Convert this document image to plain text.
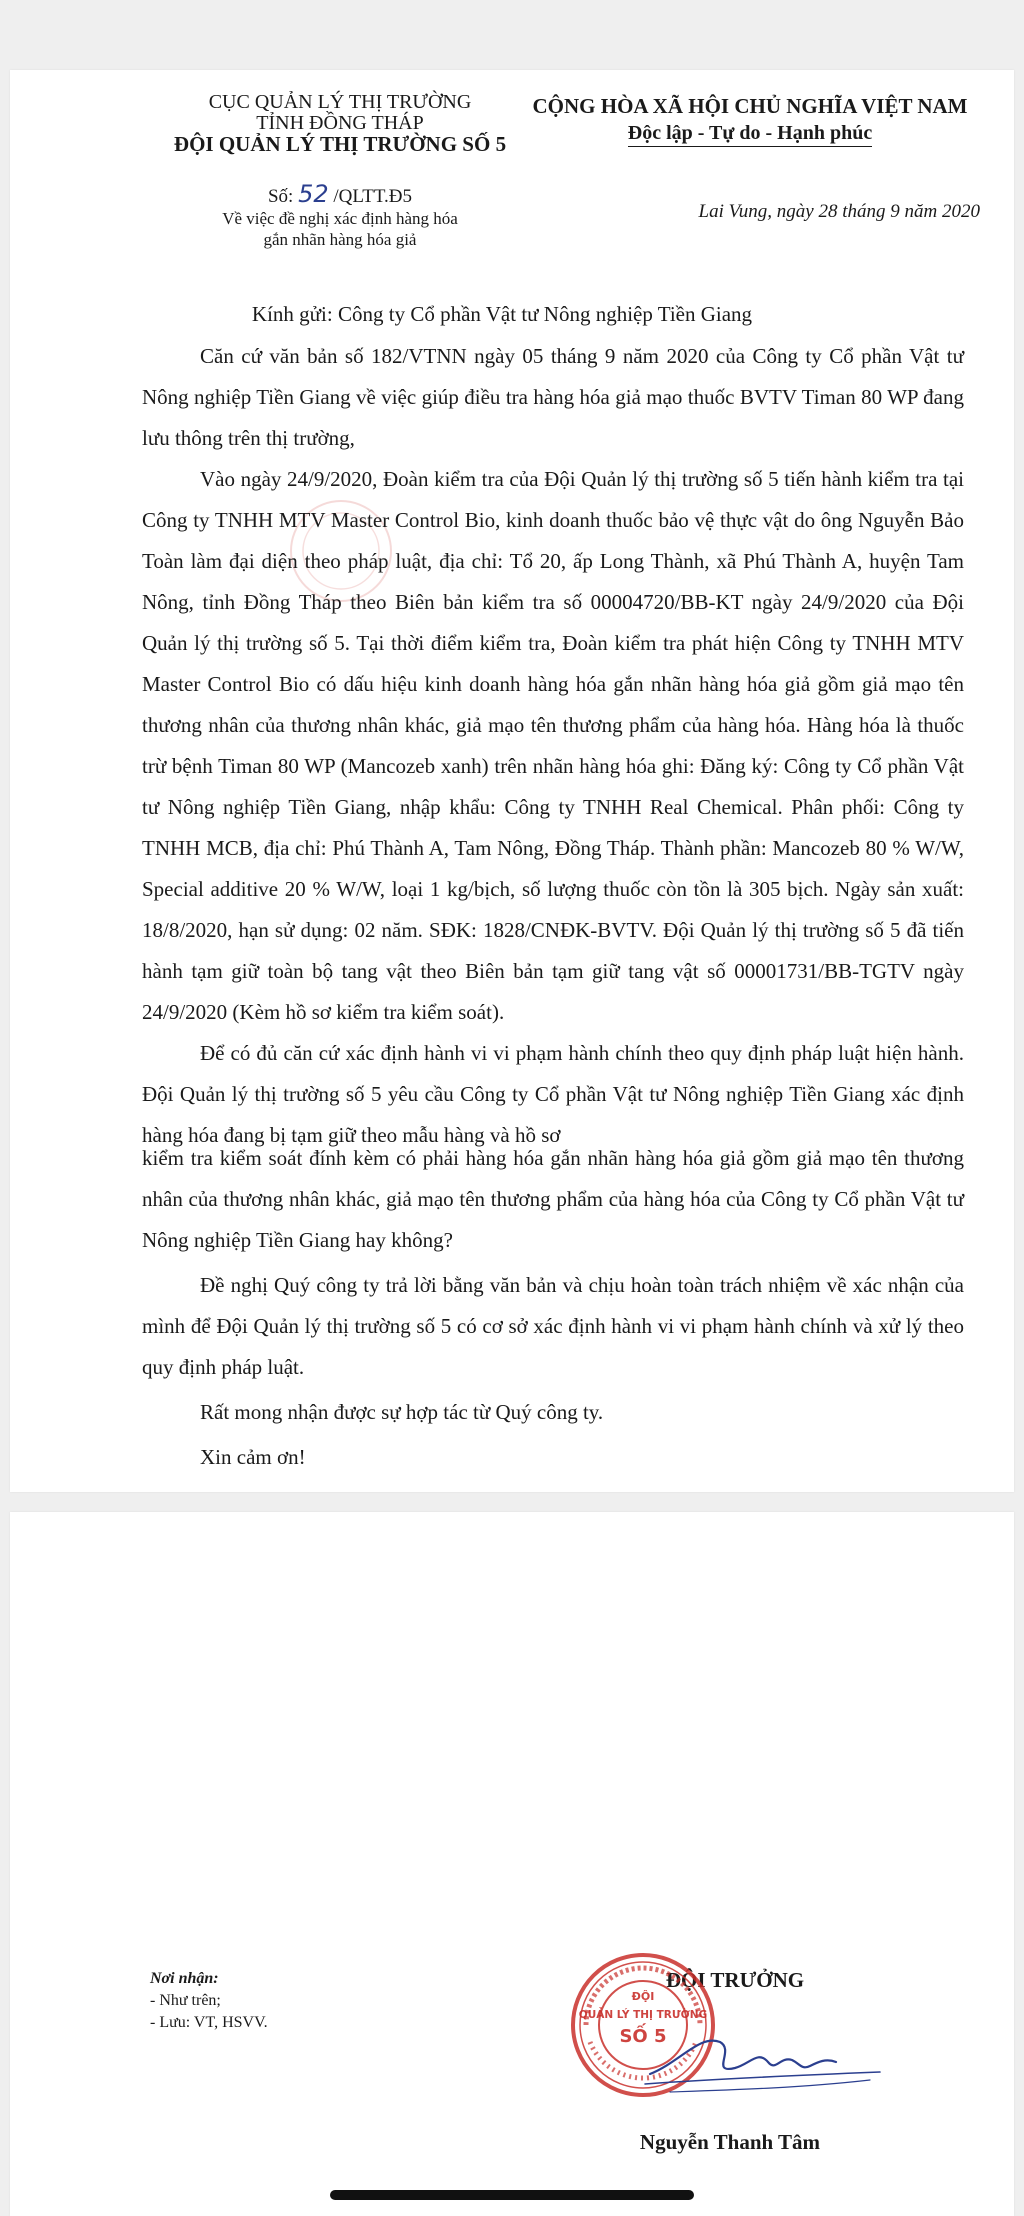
CỤC QUẢN LÝ THỊ TRƯỜNG
TỈNH ĐỒNG THÁP
ĐỘI QUẢN LÝ THỊ TRƯỜNG SỐ 5
CỘNG HÒA XÃ HỘI CHỦ NGHĨA VIỆT NAM
Độc lập - Tự do - Hạnh phúc
Số: 52 /QLTT.Đ5
Về việc đề nghị xác định hàng hóa
gắn nhãn hàng hóa giả
Lai Vung, ngày 28 tháng 9 năm 2020
Kính gửi: Công ty Cổ phần Vật tư Nông nghiệp Tiền Giang

Căn cứ văn bản số 182/VTNN ngày 05 tháng 9 năm 2020 của Công ty Cổ phần Vật tư Nông nghiệp Tiền Giang về việc giúp điều tra hàng hóa giả mạo thuốc BVTV Timan 80 WP đang lưu thông trên thị trường,

Vào ngày 24/9/2020, Đoàn kiểm tra của Đội Quản lý thị trường số 5 tiến hành kiểm tra tại Công ty TNHH MTV Master Control Bio, kinh doanh thuốc bảo vệ thực vật do ông Nguyễn Bảo Toàn làm đại diện theo pháp luật, địa chỉ: Tổ 20, ấp Long Thành, xã Phú Thành A, huyện Tam Nông, tỉnh Đồng Tháp theo Biên bản kiểm tra số 00004720/BB-KT ngày 24/9/2020 của Đội Quản lý thị trường số 5. Tại thời điểm kiểm tra, Đoàn kiểm tra phát hiện Công ty TNHH MTV Master Control Bio có dấu hiệu kinh doanh hàng hóa gắn nhãn hàng hóa giả gồm giả mạo tên thương nhân của thương nhân khác, giả mạo tên thương phẩm của hàng hóa. Hàng hóa là thuốc trừ bệnh Timan 80 WP (Mancozeb xanh) trên nhãn hàng hóa ghi: Đăng ký: Công ty Cổ phần Vật tư Nông nghiệp Tiền Giang, nhập khẩu: Công ty TNHH Real Chemical. Phân phối: Công ty TNHH MCB, địa chỉ: Phú Thành A, Tam Nông, Đồng Tháp. Thành phần: Mancozeb 80 % W/W, Special additive 20 % W/W, loại 1 kg/bịch, số lượng thuốc còn tồn là 305 bịch. Ngày sản xuất: 18/8/2020, hạn sử dụng: 02 năm. SĐK: 1828/CNĐK-BVTV. Đội Quản lý thị trường số 5 đã tiến hành tạm giữ toàn bộ tang vật theo Biên bản tạm giữ tang vật số 00001731/BB-TGTV ngày 24/9/2020 (Kèm hồ sơ kiểm tra kiểm soát).

Để có đủ căn cứ xác định hành vi vi phạm hành chính theo quy định pháp luật hiện hành. Đội Quản lý thị trường số 5 yêu cầu Công ty Cổ phần Vật tư Nông nghiệp Tiền Giang xác định hàng hóa đang bị tạm giữ theo mẫu hàng và hồ sơ

kiểm tra kiểm soát đính kèm có phải hàng hóa gắn nhãn hàng hóa giả gồm giả mạo tên thương nhân của thương nhân khác, giả mạo tên thương phẩm của hàng hóa của Công ty Cổ phần Vật tư Nông nghiệp Tiền Giang hay không?

Đề nghị Quý công ty trả lời bằng văn bản và chịu hoàn toàn trách nhiệm về xác nhận của mình để Đội Quản lý thị trường số 5 có cơ sở xác định hành vi vi phạm hành chính và xử lý theo quy định pháp luật.

Rất mong nhận được sự hợp tác từ Quý công ty.

Xin cảm ơn!

Nơi nhận:
- Như trên;
- Lưu: VT, HSVV.
ĐỘI TRƯỞNG
ĐỘI
QUẢN LÝ THỊ TRƯỜNG
SỐ 5
Nguyễn Thanh Tâm
